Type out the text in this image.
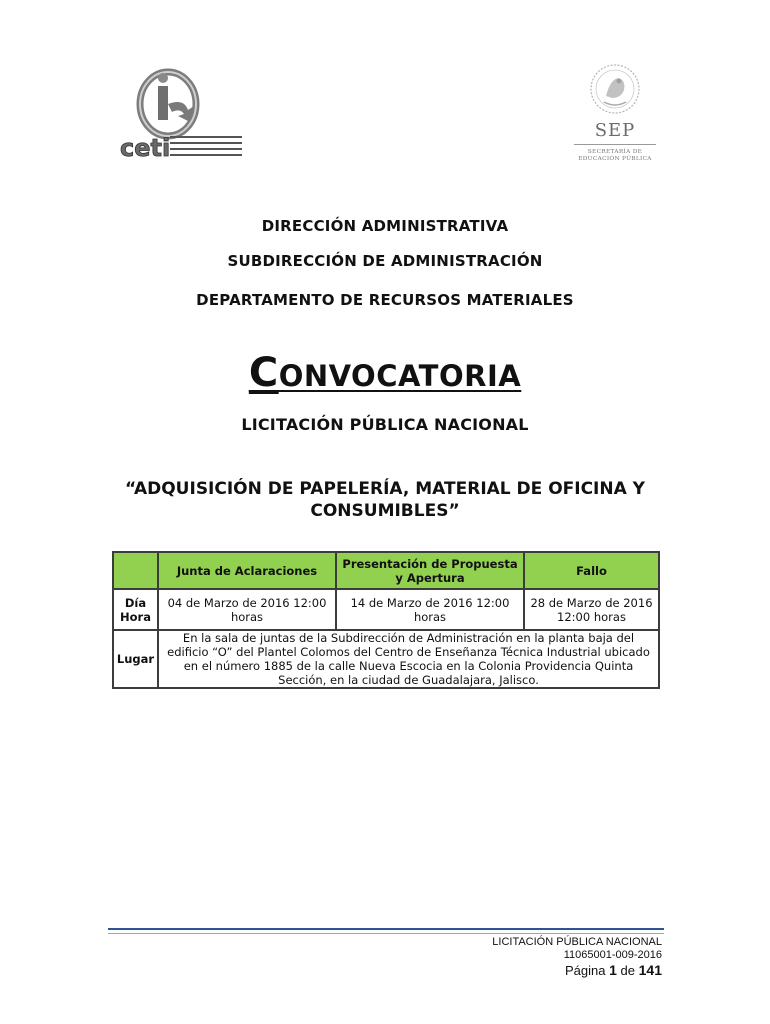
ceti
SEP
SECRETARÍA DE EDUCACIÓN PÚBLICA
DIRECCIÓN ADMINISTRATIVA
SUBDIRECCIÓN DE ADMINISTRACIÓN
DEPARTAMENTO DE RECURSOS MATERIALES
CONVOCATORIA
LICITACIÓN PÚBLICA NACIONAL
“ADQUISICIÓN DE PAPELERÍA, MATERIAL DE OFICINA Y CONSUMIBLES”
	Junta de Aclaraciones	Presentación de Propuesta y Apertura	Fallo
Día Hora	04 de Marzo de 2016 12:00 horas	14 de Marzo de 2016 12:00 horas	28 de Marzo de 2016 12:00 horas
Lugar	En la sala de juntas de la Subdirección de Administración en la planta baja del edificio “O” del Plantel Colomos del Centro de Enseñanza Técnica Industrial ubicado en el número 1885 de la calle Nueva Escocia en la Colonia Providencia Quinta Sección, en la ciudad de Guadalajara, Jalisco.		
LICITACIÓN PÚBLICA NACIONAL
11065001-009-2016
Página 1 de 141
